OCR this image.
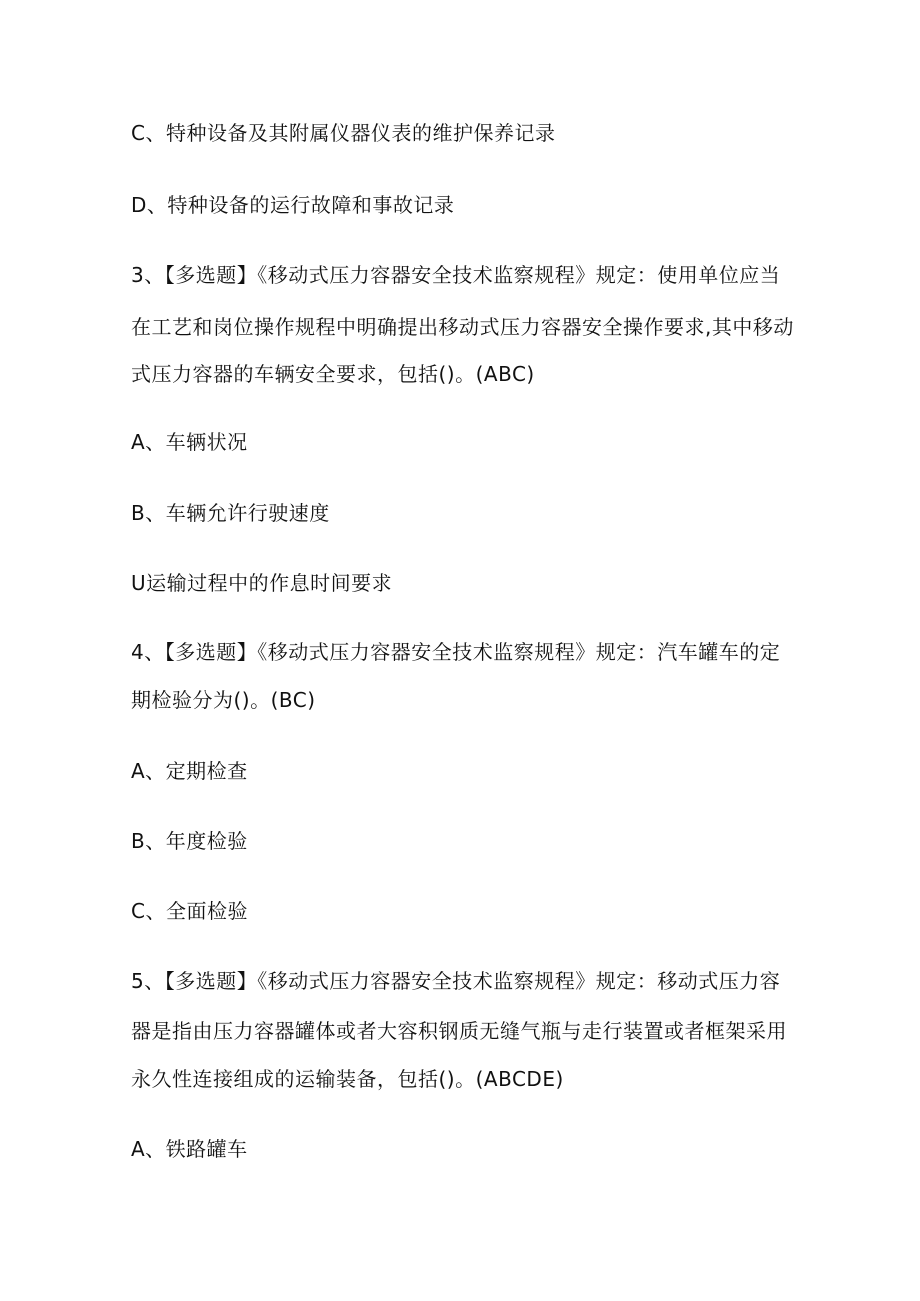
C、特种设备及其附属仪器仪表的维护保养记录
D、特种设备的运行故障和事故记录
3、【多选题】《移动式压力容器安全技术监察规程》规定：使用单位应当
在工艺和岗位操作规程中明确提出移动式压力容器安全操作要求,其中移动
式压力容器的车辆安全要求，包括()。(ABC)
A、车辆状况
B、车辆允许行驶速度
U运输过程中的作息时间要求
4、【多选题】《移动式压力容器安全技术监察规程》规定：汽车罐车的定
期检验分为()。(BC)
A、定期检查
B、年度检验
C、全面检验
5、【多选题】《移动式压力容器安全技术监察规程》规定：移动式压力容
器是指由压力容器罐体或者大容积钢质无缝气瓶与走行装置或者框架采用
永久性连接组成的运输装备，包括()。(ABCDE)
A、铁路罐车
